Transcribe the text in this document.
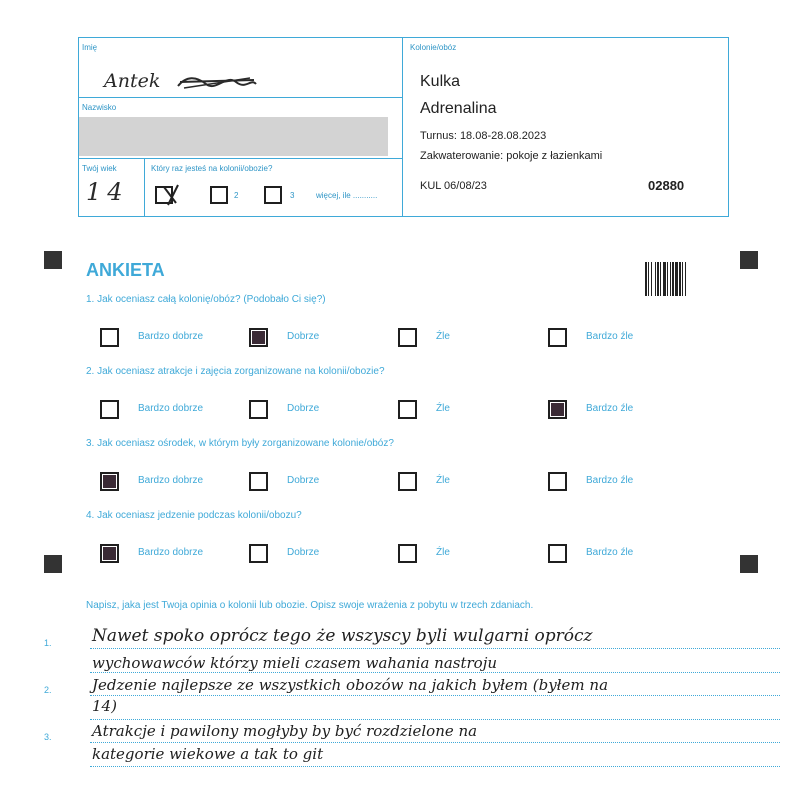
Imię
Antek
Nazwisko
Twój wiek
14
Który raz jesteś na kolonii/obozie?
2	3	więcej, ile ...........
Kolonie/obóz
Kulka
Adrenalina
Turnus: 18.08-28.08.2023
Zakwaterowanie: pokoje z łazienkami
KUL 06/08/23	02880
ANKIETA
1. Jak oceniasz całą kolonię/obóz? (Podobało Ci się?)
Bardzo dobrze	Dobrze	Źle	Bardzo źle
2. Jak oceniasz atrakcje i zajęcia zorganizowane na kolonii/obozie?
Bardzo dobrze	Dobrze	Źle	Bardzo źle
3. Jak oceniasz ośrodek, w którym były zorganizowane kolonie/obóz?
Bardzo dobrze	Dobrze	Źle	Bardzo źle
4. Jak oceniasz jedzenie podczas kolonii/obozu?
Bardzo dobrze	Dobrze	Źle	Bardzo źle
Napisz, jaka jest Twoja opinia o kolonii lub obozie. Opisz swoje wrażenia z pobytu w trzech zdaniach.
1.
2.
3.
Nawet spoko oprócz tego że wszyscy byli wulgarni oprócz
wychowawców którzy mieli czasem wahania nastroju
Jedzenie najlepsze ze wszystkich obozów na jakich byłem (byłem na
14)
Atrakcje i pawilony mogłyby by być rozdzielone na
kategorie wiekowe a tak to git
